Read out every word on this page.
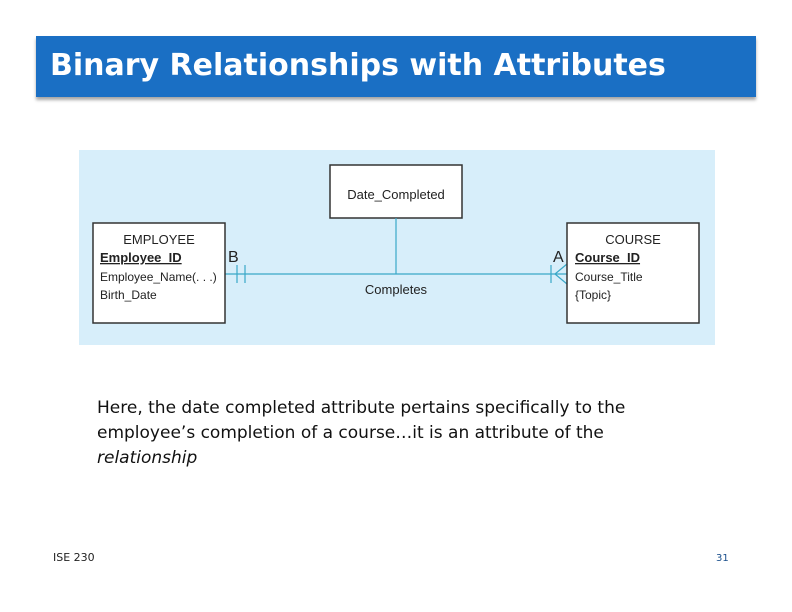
Binary Relationships with Attributes
Date_Completed
Completes
B	A
EMPLOYEE
Employee_ID
Employee_Name(. . .)
Birth_Date
COURSE
Course_ID
Course_Title
{Topic}
Here, the date completed attribute pertains specifically to the employee’s completion of a course…it is an attribute of the relationship
ISE 230	31
